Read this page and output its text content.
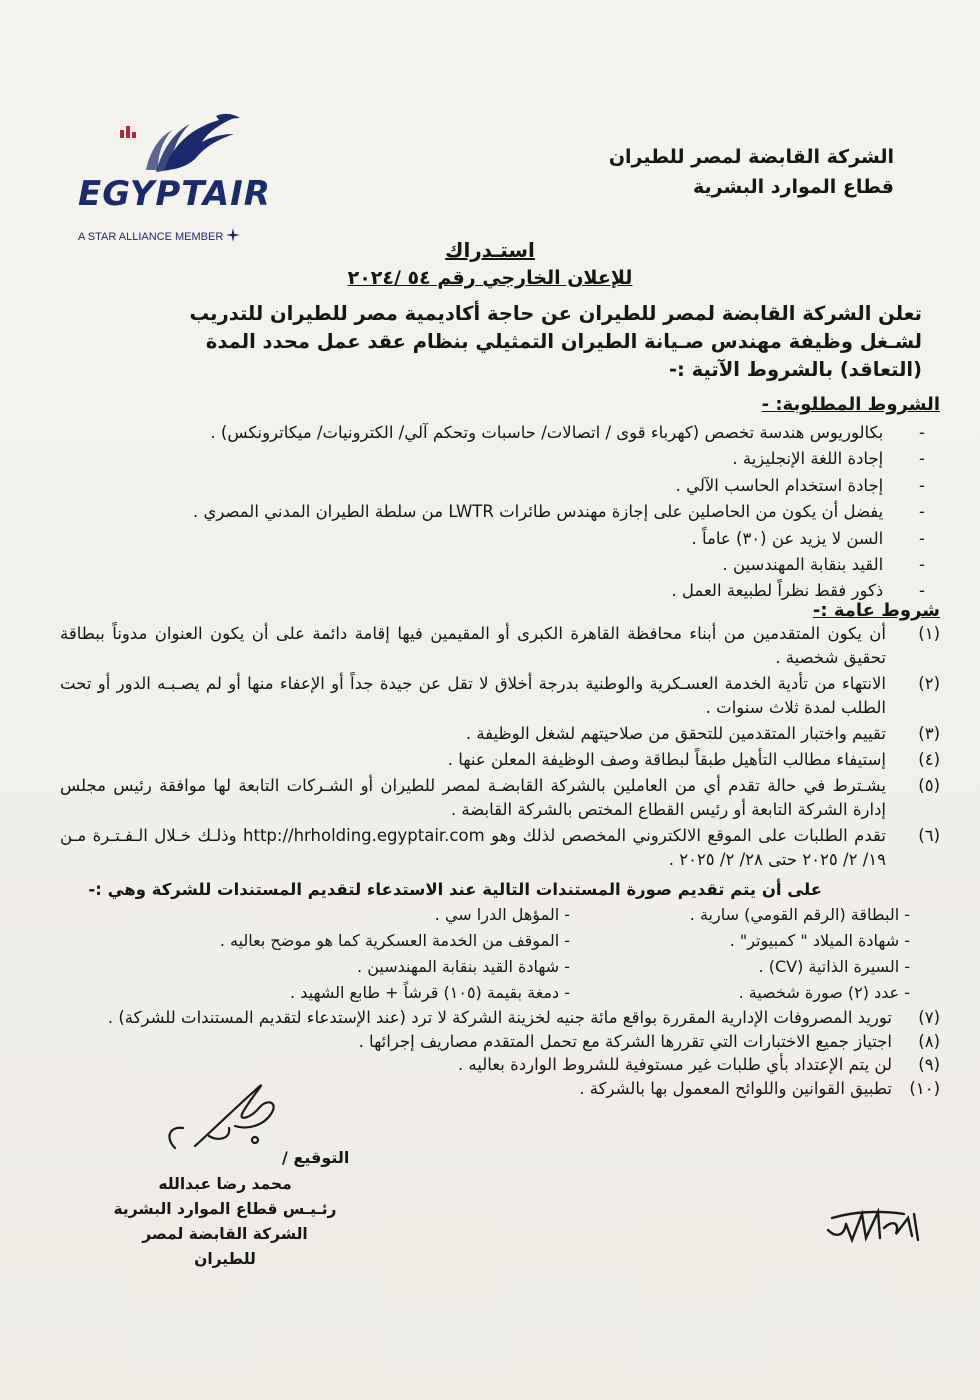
EGYPTAIR
A STAR ALLIANCE MEMBER
الشركة القابضة لمصر للطيران
قطاع الموارد البشرية
استـدراك
للإعلان الخارجي رقم ٥٤ /٢٠٢٤
تعلن الشركة القابضة لمصر للطيران عن حاجة أكاديمية مصر للطيران للتدريب
لشـغل وظيفة مهندس صـيانة الطيران التمثيلي بنظام عقد عمل محدد المدة
(التعاقد) بالشروط الآتية :-
الشروط المطلوبة: -
-

بكالوريوس هندسة تخصص (كهرباء قوى / اتصالات/ حاسبات وتحكم آلي/ الكترونيات/ ميكاترونكس) .
-

إجادة اللغة الإنجليزية .
-

إجادة استخدام الحاسب الآلي .
-

يفضل أن يكون من الحاصلين على إجازة مهندس طائرات LWTR من سلطة الطيران المدني المصري .
-

السن لا يزيد عن (٣٠) عاماً .
-

القيد بنقابة المهندسين .
-

ذكور فقط نظراً لطبيعة العمل .
شروط عامة :-
(١)
أن يكون المتقدمين من أبناء محافظة القاهرة الكبرى أو المقيمين فيها إقامة دائمة على أن يكون العنوان مدوناً ببطاقة تحقيق شخصية .
(٢)
الانتهاء من تأدية الخدمة العسـكرية والوطنية بدرجة أخلاق لا تقل عن جيدة جداً أو الإعفاء منها أو لم يصـبـه الدور أو تحت الطلب لمدة ثلاث سنوات .
(٣)
تقييم واختبار المتقدمين للتحقق من صلاحيتهم لشغل الوظيفة .
(٤)
إستيفاء مطالب التأهيل طبقاً لبطاقة وصف الوظيفة المعلن عنها .
(٥)
يشـترط في حالة تقدم أي من العاملين بالشركة القابضـة لمصر للطيران أو الشـركات التابعة لها موافقة رئيس مجلس إدارة الشركة التابعة أو رئيس القطاع المختص بالشركة القابضة .
(٦)
تقدم الطلبات على الموقع الالكتروني المخصص لذلك وهو http://hrholding.egyptair.com وذلـك خـلال الـفـتـرة مـن ١٩/ ٢/ ٢٠٢٥ حتى ٢٨/ ٢/ ٢٠٢٥ .
على أن يتم تقديم صورة المستندات التالية عند الاستدعاء لتقديم المستندات للشركة وهي :-
- البطاقة (الرقم القومي) سارية .
- المؤهل الدرا سي .
- شهادة الميلاد " كمبيوتر" .
- الموقف من الخدمة العسكرية كما هو موضح بعاليه .
- السيرة الذاتية (CV) .
- شهادة القيد بنقابة المهندسين .
- عدد (٢) صورة شخصية .
- دمغة بقيمة (١٠٥) قرشاً + طابع الشهيد .
(٧)
توريد المصروفات الإدارية المقررة بواقع مائة جنيه لخزينة الشركة لا ترد (عند الإستدعاء لتقديم المستندات للشركة) .
(٨)
اجتياز جميع الاختبارات التي تقررها الشركة مع تحمل المتقدم مصاريف إجرائها .
(٩)
لن يتم الإعتداد بأي طلبات غير مستوفية للشروط الواردة بعاليه .
(١٠)
تطبيق القوانين واللوائح المعمول بها بالشركة .
التوقيع /
محمد رضا عبدالله
رئـيـس قطاع الموارد البشرية
الشركة القابضة لمصر للطيران
